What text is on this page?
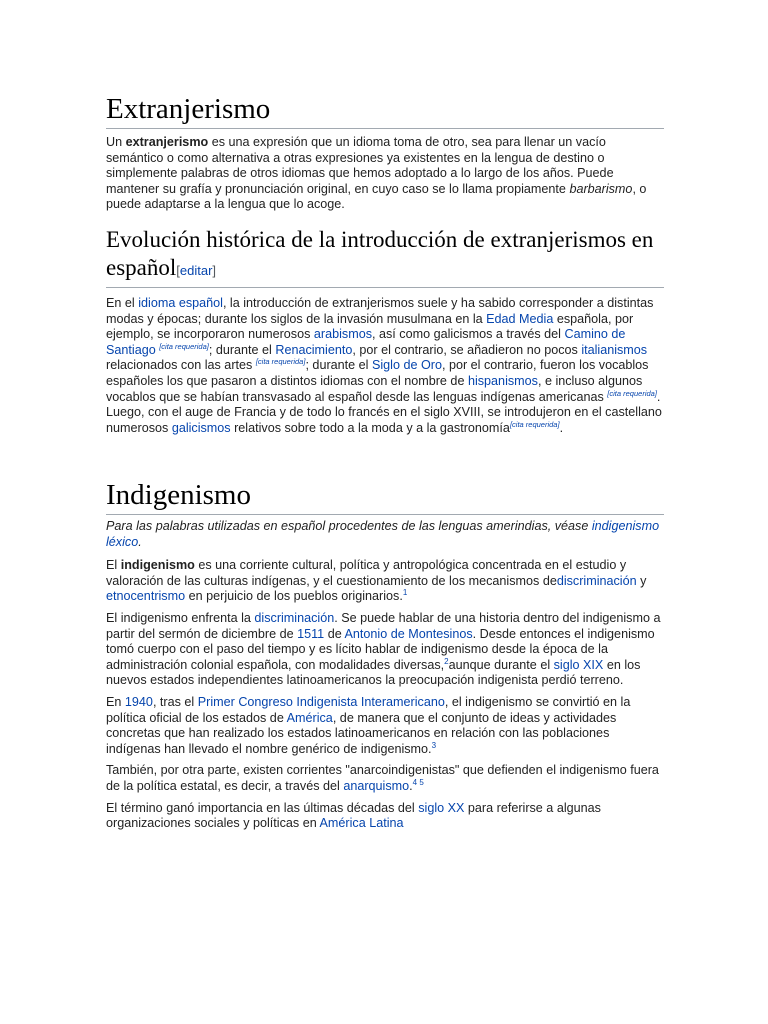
Extranjerismo

Un extranjerismo es una expresión que un idioma toma de otro, sea para llenar un vacío semántico o como alternativa a otras expresiones ya existentes en la lengua de destino o simplemente palabras de otros idiomas que hemos adoptado a lo largo de los años. Puede mantener su grafía y pronunciación original, en cuyo caso se lo llama propiamente barbarismo, o puede adaptarse a la lengua que lo acoge.

Evolución histórica de la introducción de extranjerismos en español[editar]

En el idioma español, la introducción de extranjerismos suele y ha sabido corresponder a distintas modas y épocas; durante los siglos de la invasión musulmana en la Edad Media española, por ejemplo, se incorporaron numerosos arabismos, así como galicismos a través del Camino de Santiago [cita requerida]; durante el Renacimiento, por el contrario, se añadieron no pocos italianismos relacionados con las artes [cita requerida]; durante el Siglo de Oro, por el contrario, fueron los vocablos españoles los que pasaron a distintos idiomas con el nombre de hispanismos, e incluso algunos vocablos que se habían transvasado al español desde las lenguas indígenas americanas [cita requerida]. Luego, con el auge de Francia y de todo lo francés en el siglo XVIII, se introdujeron en el castellano numerosos galicismos relativos sobre todo a la moda y a la gastronomía[cita requerida].

Indigenismo

Para las palabras utilizadas en español procedentes de las lenguas amerindias, véase indigenismo léxico.

El indigenismo es una corriente cultural, política y antropológica concentrada en el estudio y valoración de las culturas indígenas, y el cuestionamiento de los mecanismos dediscriminación y etnocentrismo en perjuicio de los pueblos originarios.$^1$

El indigenismo enfrenta la discriminación. Se puede hablar de una historia dentro del indigenismo a partir del sermón de diciembre de 1511 de Antonio de Montesinos. Desde entonces el indigenismo tomó cuerpo con el paso del tiempo y es lícito hablar de indigenismo desde la época de la administración colonial española, con modalidades diversas,$^2$aunque durante el siglo XIX en los nuevos estados independientes latinoamericanos la preocupación indigenista perdió terreno.

En 1940, tras el Primer Congreso Indigenista Interamericano, el indigenismo se convirtió en la política oficial de los estados de América, de manera que el conjunto de ideas y actividades concretas que han realizado los estados latinoamericanos en relación con las poblaciones indígenas han llevado el nombre genérico de indigenismo.$^3$

También, por otra parte, existen corrientes "anarcoindigenistas" que defienden el indigenismo fuera de la política estatal, es decir, a través del anarquismo.$^{4 5}$

El término ganó importancia en las últimas décadas del siglo XX para referirse a algunas organizaciones sociales y políticas en América Latina
